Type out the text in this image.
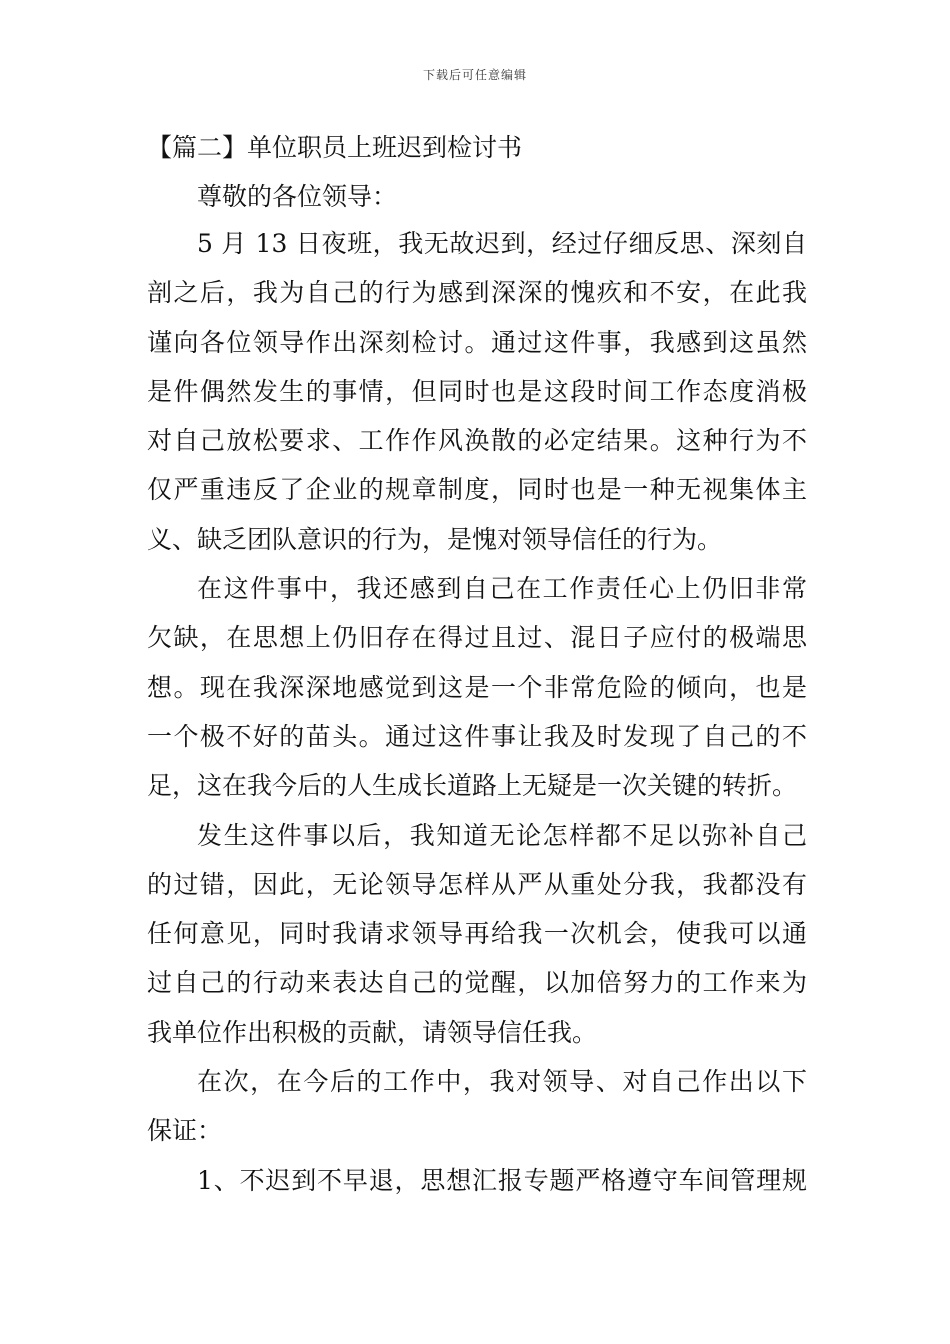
下载后可任意编辑
【篇二】单位职员上班迟到检讨书
尊敬的各位领导：

5 月 13 日夜班，我无故迟到，经过仔细反思、深刻自
剖之后，我为自己的行为感到深深的愧疚和不安，在此我
谨向各位领导作出深刻检讨。通过这件事，我感到这虽然
是件偶然发生的事情，但同时也是这段时间工作态度消极
对自己放松要求、工作作风涣散的必定结果。这种行为不
仅严重违反了企业的规章制度，同时也是一种无视集体主
义、缺乏团队意识的行为，是愧对领导信任的行为。

在这件事中，我还感到自己在工作责任心上仍旧非常
欠缺，在思想上仍旧存在得过且过、混日子应付的极端思
想。现在我深深地感觉到这是一个非常危险的倾向，也是
一个极不好的苗头。通过这件事让我及时发现了自己的不
足，这在我今后的人生成长道路上无疑是一次关键的转折。

发生这件事以后，我知道无论怎样都不足以弥补自己
的过错，因此，无论领导怎样从严从重处分我，我都没有
任何意见，同时我请求领导再给我一次机会，使我可以通
过自己的行动来表达自己的觉醒，以加倍努力的工作来为
我单位作出积极的贡献，请领导信任我。

在次，在今后的工作中，我对领导、对自己作出以下
保证：

1、不迟到不早退，思想汇报专题严格遵守车间管理规
